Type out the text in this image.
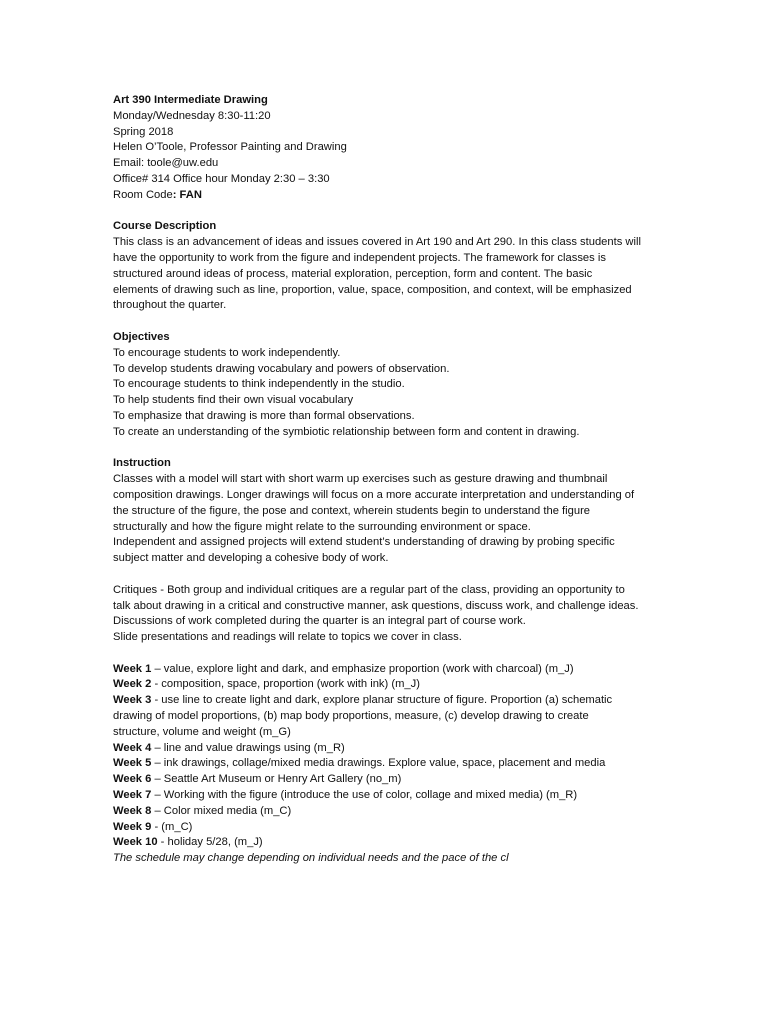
Art 390 Intermediate Drawing
Monday/Wednesday 8:30-11:20
Spring 2018
Helen O’Toole, Professor Painting and Drawing
Email: toole@uw.edu
Office# 314 Office hour Monday 2:30 – 3:30
Room Code: FAN
Course Description
This class is an advancement of ideas and issues covered in Art 190 and Art 290. In this class students will
have the opportunity to work from the figure and independent projects. The framework for classes is
structured around ideas of process, material exploration, perception, form and content. The basic
elements of drawing such as line, proportion, value, space, composition, and context, will be emphasized
throughout the quarter.
Objectives
To encourage students to work independently.
To develop students drawing vocabulary and powers of observation.
To encourage students to think independently in the studio.
To help students find their own visual vocabulary
To emphasize that drawing is more than formal observations.
To create an understanding of the symbiotic relationship between form and content in drawing.
Instruction
Classes with a model will start with short warm up exercises such as gesture drawing and thumbnail
composition drawings. Longer drawings will focus on a more accurate interpretation and understanding of
the structure of the figure, the pose and context, wherein students begin to understand the figure
structurally and how the figure might relate to the surrounding environment or space.
Independent and assigned projects will extend student’s understanding of drawing by probing specific
subject matter and developing a cohesive body of work.
Critiques - Both group and individual critiques are a regular part of the class, providing an opportunity to
talk about drawing in a critical and constructive manner, ask questions, discuss work, and challenge ideas.
Discussions of work completed during the quarter is an integral part of course work.
Slide presentations and readings will relate to topics we cover in class.
Week 1 – value, explore light and dark, and emphasize proportion (work with charcoal) (m_J)
Week 2 - composition, space, proportion (work with ink) (m_J)
Week 3 - use line to create light and dark, explore planar structure of figure. Proportion (a) schematic
drawing of model proportions, (b) map body proportions, measure, (c) develop drawing to create
structure, volume and weight (m_G)
Week 4 – line and value drawings using (m_R)
Week 5 – ink drawings, collage/mixed media drawings. Explore value, space, placement and media
Week 6 – Seattle Art Museum or Henry Art Gallery (no_m)
Week 7 – Working with the figure (introduce the use of color, collage and mixed media) (m_R)
Week 8 – Color mixed media (m_C)
Week 9 - (m_C)
Week 10 - holiday 5/28, (m_J)
The schedule may change depending on individual needs and the pace of the cl
